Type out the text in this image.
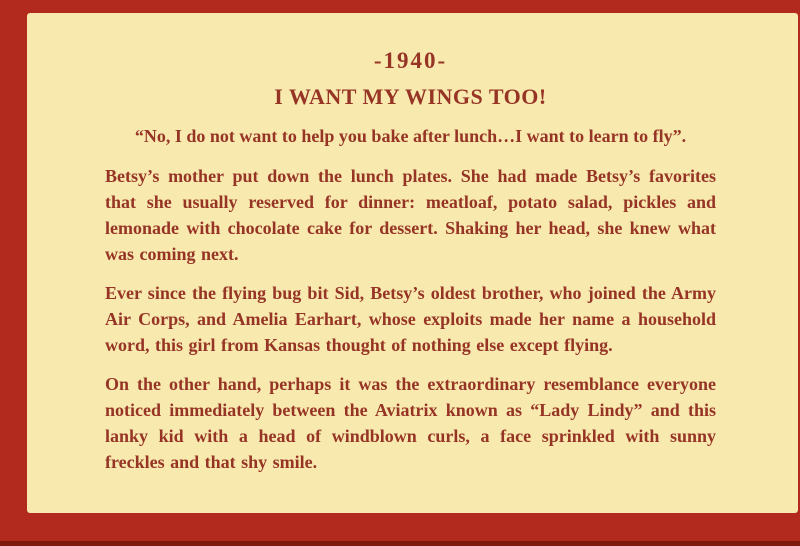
-1940-
I WANT MY WINGS TOO!

“No, I do not want to help you bake after lunch…I want to learn to fly”.

Betsy’s mother put down the lunch plates. She had made Betsy’s favorites that she usually reserved for dinner: meatloaf, potato salad, pickles and lemonade with chocolate cake for dessert. Shaking her head, she knew what was coming next.

Ever since the flying bug bit Sid, Betsy’s oldest brother, who joined the Army Air Corps, and Amelia Earhart, whose exploits made her name a household word, this girl from Kansas thought of nothing else except flying.

On the other hand, perhaps it was the extraordinary resemblance everyone noticed immediately between the Aviatrix known as “Lady Lindy” and this lanky kid with a head of windblown curls, a face sprinkled with sunny freckles and that shy smile.
